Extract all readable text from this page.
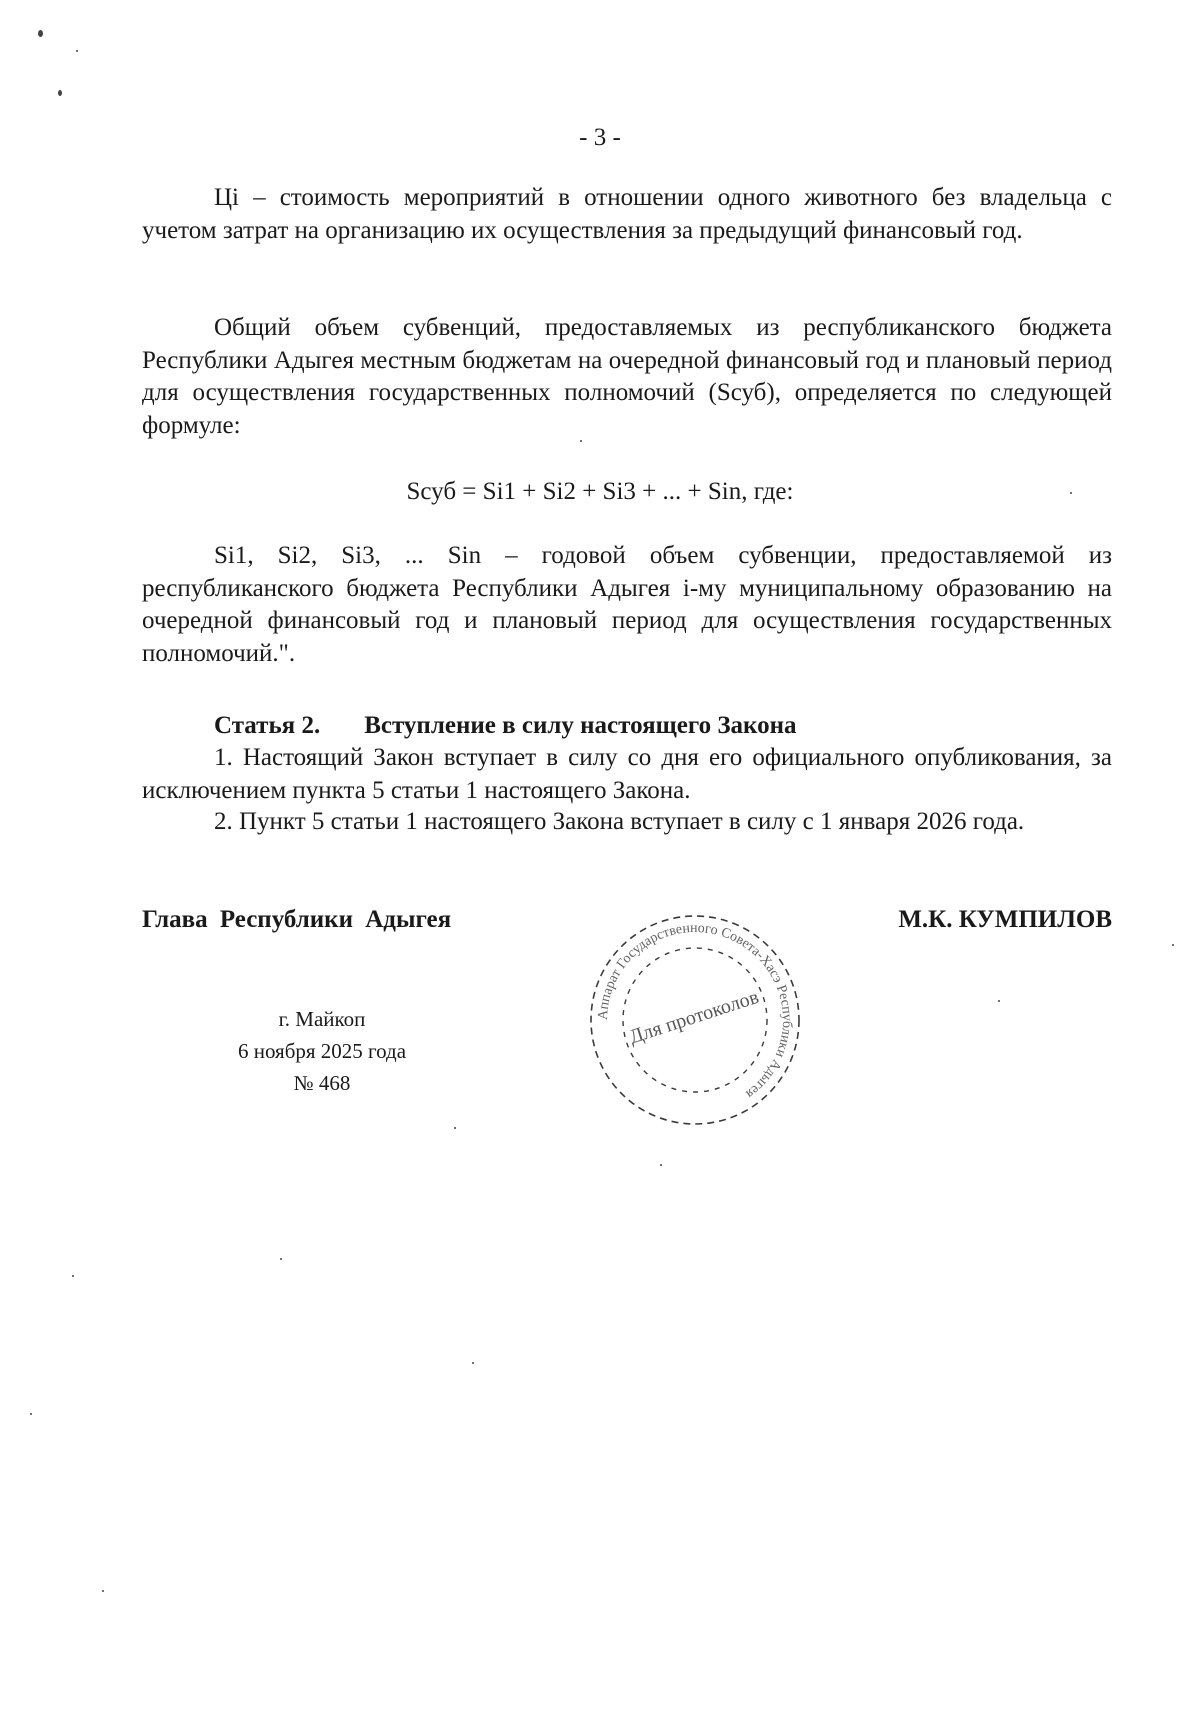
- 3 -

Цi – стоимость мероприятий в отношении одного животного без владельца с учетом затрат на организацию их осуществления за предыдущий финансовый год.

Общий объем субвенций, предоставляемых из республиканского бюджета Республики Адыгея местным бюджетам на очередной финансовый год и плановый период для осуществления государственных полномочий (Sсуб), определяется по следующей формуле:

Sсуб = Si1 + Si2 + Si3 + ... + Sin, где:

Si1, Si2, Si3, ... Sin – годовой объем субвенции, предоставляемой из республиканского бюджета Республики Адыгея i-му муниципальному образованию на очередной финансовый год и плановый период для осуществления государственных полномочий.".

Статья 2. Вступление в силу настоящего Закона

1. Настоящий Закон вступает в силу со дня его официального опубликования, за исключением пункта 5 статьи 1 настоящего Закона.

2. Пункт 5 статьи 1 настоящего Закона вступает в силу с 1 января 2026 года.

Глава Республики Адыгея	М.К. КУМПИЛОВ
г. Майкоп
6 ноября 2025 года
№ 468
Аппарат Государственного Совета-Хасэ Республики Адыгея
Для протоколов
